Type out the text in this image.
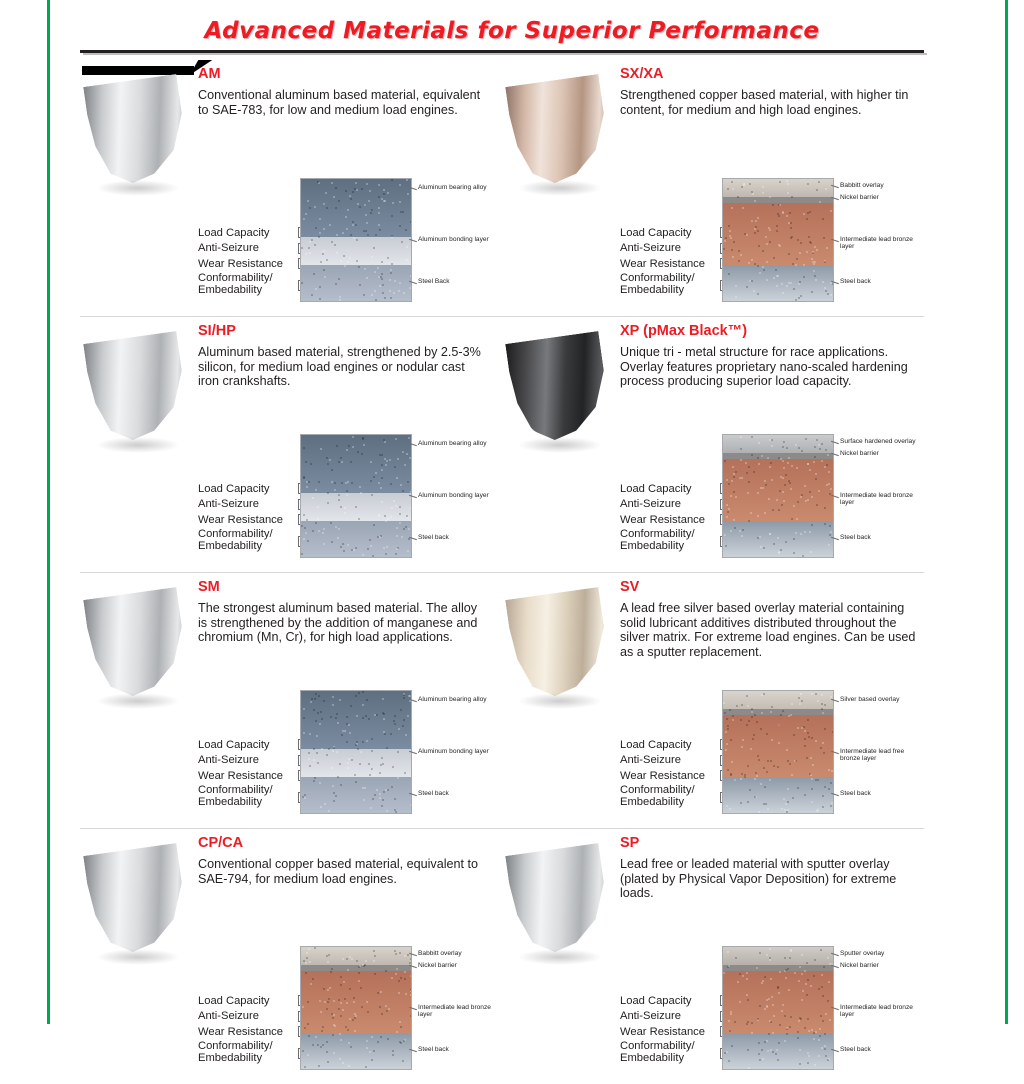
Advanced Materials for Superior Performance
AM
Conventional aluminum based material, equivalent to SAE-783, for low and medium load engines.
Load Capacity
Anti-Seizure
Wear Resistance
Conformability/
Embedability
Aluminum bearing alloy
Aluminum bonding layer
Steel Back
SX/XA
Strengthened copper based material, with higher tin content, for medium and high load engines.
Load Capacity
Anti-Seizure
Wear Resistance
Conformability/
Embedability
Babbitt overlay
Nickel barrier
Intermediate lead bronze layer
Steel back
SI/HP
Aluminum based material, strengthened by 2.5-3% silicon, for medium load engines or nodular cast iron crankshafts.
Load Capacity
Anti-Seizure
Wear Resistance
Conformability/
Embedability
Aluminum bearing alloy
Aluminum bonding layer
Steel back
XP (pMax Black™)
Unique tri - metal structure for race applications. Overlay features proprietary nano-scaled hardening process producing superior load capacity.
Load Capacity
Anti-Seizure
Wear Resistance
Conformability/
Embedability
Surface hardened overlay
Nickel barrier
Intermediate lead bronze layer
Steel back
SM
The strongest aluminum based material. The alloy is strengthened by the addition of manganese and chromium (Mn, Cr), for high load applications.
Load Capacity
Anti-Seizure
Wear Resistance
Conformability/
Embedability
Aluminum bearing alloy
Aluminum bonding layer
Steel back
SV
A lead free silver based overlay material containing solid lubricant additives distributed throughout the silver matrix. For extreme load engines. Can be used as a sputter replacement.
Load Capacity
Anti-Seizure
Wear Resistance
Conformability/
Embedability
Silver based overlay
Intermediate lead free bronze layer
Steel back
CP/CA
Conventional copper based material, equivalent to SAE-794, for medium load engines.
Load Capacity
Anti-Seizure
Wear Resistance
Conformability/
Embedability
Babbitt overlay
Nickel barrier
Intermediate lead bronze layer
Steel back
SP
Lead free or leaded material with sputter overlay (plated by Physical Vapor Deposition) for extreme loads.
Load Capacity
Anti-Seizure
Wear Resistance
Conformability/
Embedability
Sputter overlay
Nickel barrier
Intermediate lead bronze layer
Steel back
